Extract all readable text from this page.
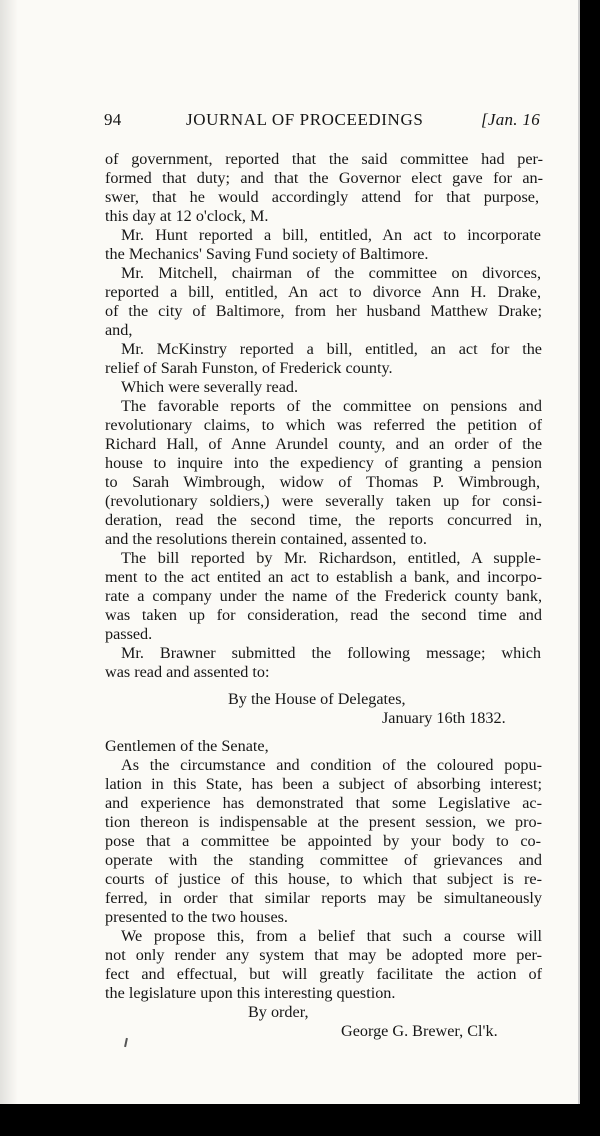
94	JOURNAL OF PROCEEDINGS	[Jan. 16
of government, reported that the said committee had per-
formed that duty; and that the Governor elect gave for an-
swer, that he would accordingly attend for that purpose,
this day at 12 o'clock, M.
Mr. Hunt reported a bill, entitled, An act to incorporate
the Mechanics' Saving Fund society of Baltimore.
Mr. Mitchell, chairman of the committee on divorces,
reported a bill, entitled, An act to divorce Ann H. Drake,
of the city of Baltimore, from her husband Matthew Drake;
and,
Mr. McKinstry reported a bill, entitled, an act for the
relief of Sarah Funston, of Frederick county.
Which were severally read.
The favorable reports of the committee on pensions and
revolutionary claims, to which was referred the petition of
Richard Hall, of Anne Arundel county, and an order of the
house to inquire into the expediency of granting a pension
to Sarah Wimbrough, widow of Thomas P. Wimbrough,
(revolutionary soldiers,) were severally taken up for consi-
deration, read the second time, the reports concurred in,
and the resolutions therein contained, assented to.
The bill reported by Mr. Richardson, entitled, A supple-
ment to the act entited an act to establish a bank, and incorpo-
rate a company under the name of the Frederick county bank,
was taken up for consideration, read the second time and
passed.
Mr. Brawner submitted the following message; which
was read and assented to:
By the House of Delegates,
January 16th 1832.
Gentlemen of the Senate,
As the circumstance and condition of the coloured popu-
lation in this State, has been a subject of absorbing interest;
and experience has demonstrated that some Legislative ac-
tion thereon is indispensable at the present session, we pro-
pose that a committee be appointed by your body to co-
operate with the standing committee of grievances and
courts of justice of this house, to which that subject is re-
ferred, in order that similar reports may be simultaneously
presented to the two houses.
We propose this, from a belief that such a course will
not only render any system that may be adopted more per-
fect and effectual, but will greatly facilitate the action of
the legislature upon this interesting question.
By order,
George G. Brewer, Cl'k.
